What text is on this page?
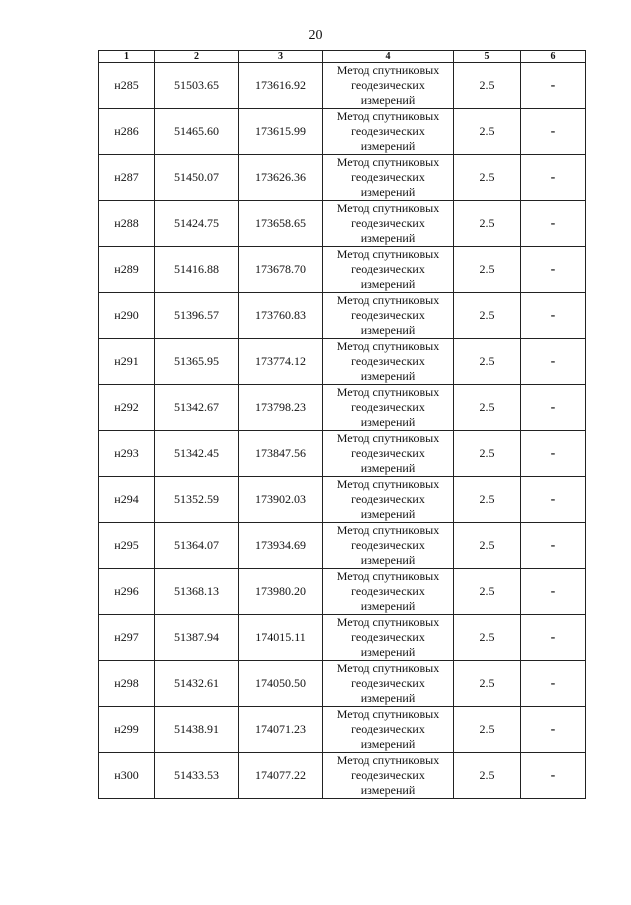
20
1	2	3	4	5	6
н285	51503.65	173616.92	Метод спутниковых
геодезических
измерений	2.5	-
н286	51465.60	173615.99	Метод спутниковых
геодезических
измерений	2.5	-
н287	51450.07	173626.36	Метод спутниковых
геодезических
измерений	2.5	-
н288	51424.75	173658.65	Метод спутниковых
геодезических
измерений	2.5	-
н289	51416.88	173678.70	Метод спутниковых
геодезических
измерений	2.5	-
н290	51396.57	173760.83	Метод спутниковых
геодезических
измерений	2.5	-
н291	51365.95	173774.12	Метод спутниковых
геодезических
измерений	2.5	-
н292	51342.67	173798.23	Метод спутниковых
геодезических
измерений	2.5	-
н293	51342.45	173847.56	Метод спутниковых
геодезических
измерений	2.5	-
н294	51352.59	173902.03	Метод спутниковых
геодезических
измерений	2.5	-
н295	51364.07	173934.69	Метод спутниковых
геодезических
измерений	2.5	-
н296	51368.13	173980.20	Метод спутниковых
геодезических
измерений	2.5	-
н297	51387.94	174015.11	Метод спутниковых
геодезических
измерений	2.5	-
н298	51432.61	174050.50	Метод спутниковых
геодезических
измерений	2.5	-
н299	51438.91	174071.23	Метод спутниковых
геодезических
измерений	2.5	-
н300	51433.53	174077.22	Метод спутниковых
геодезических
измерений	2.5	-
